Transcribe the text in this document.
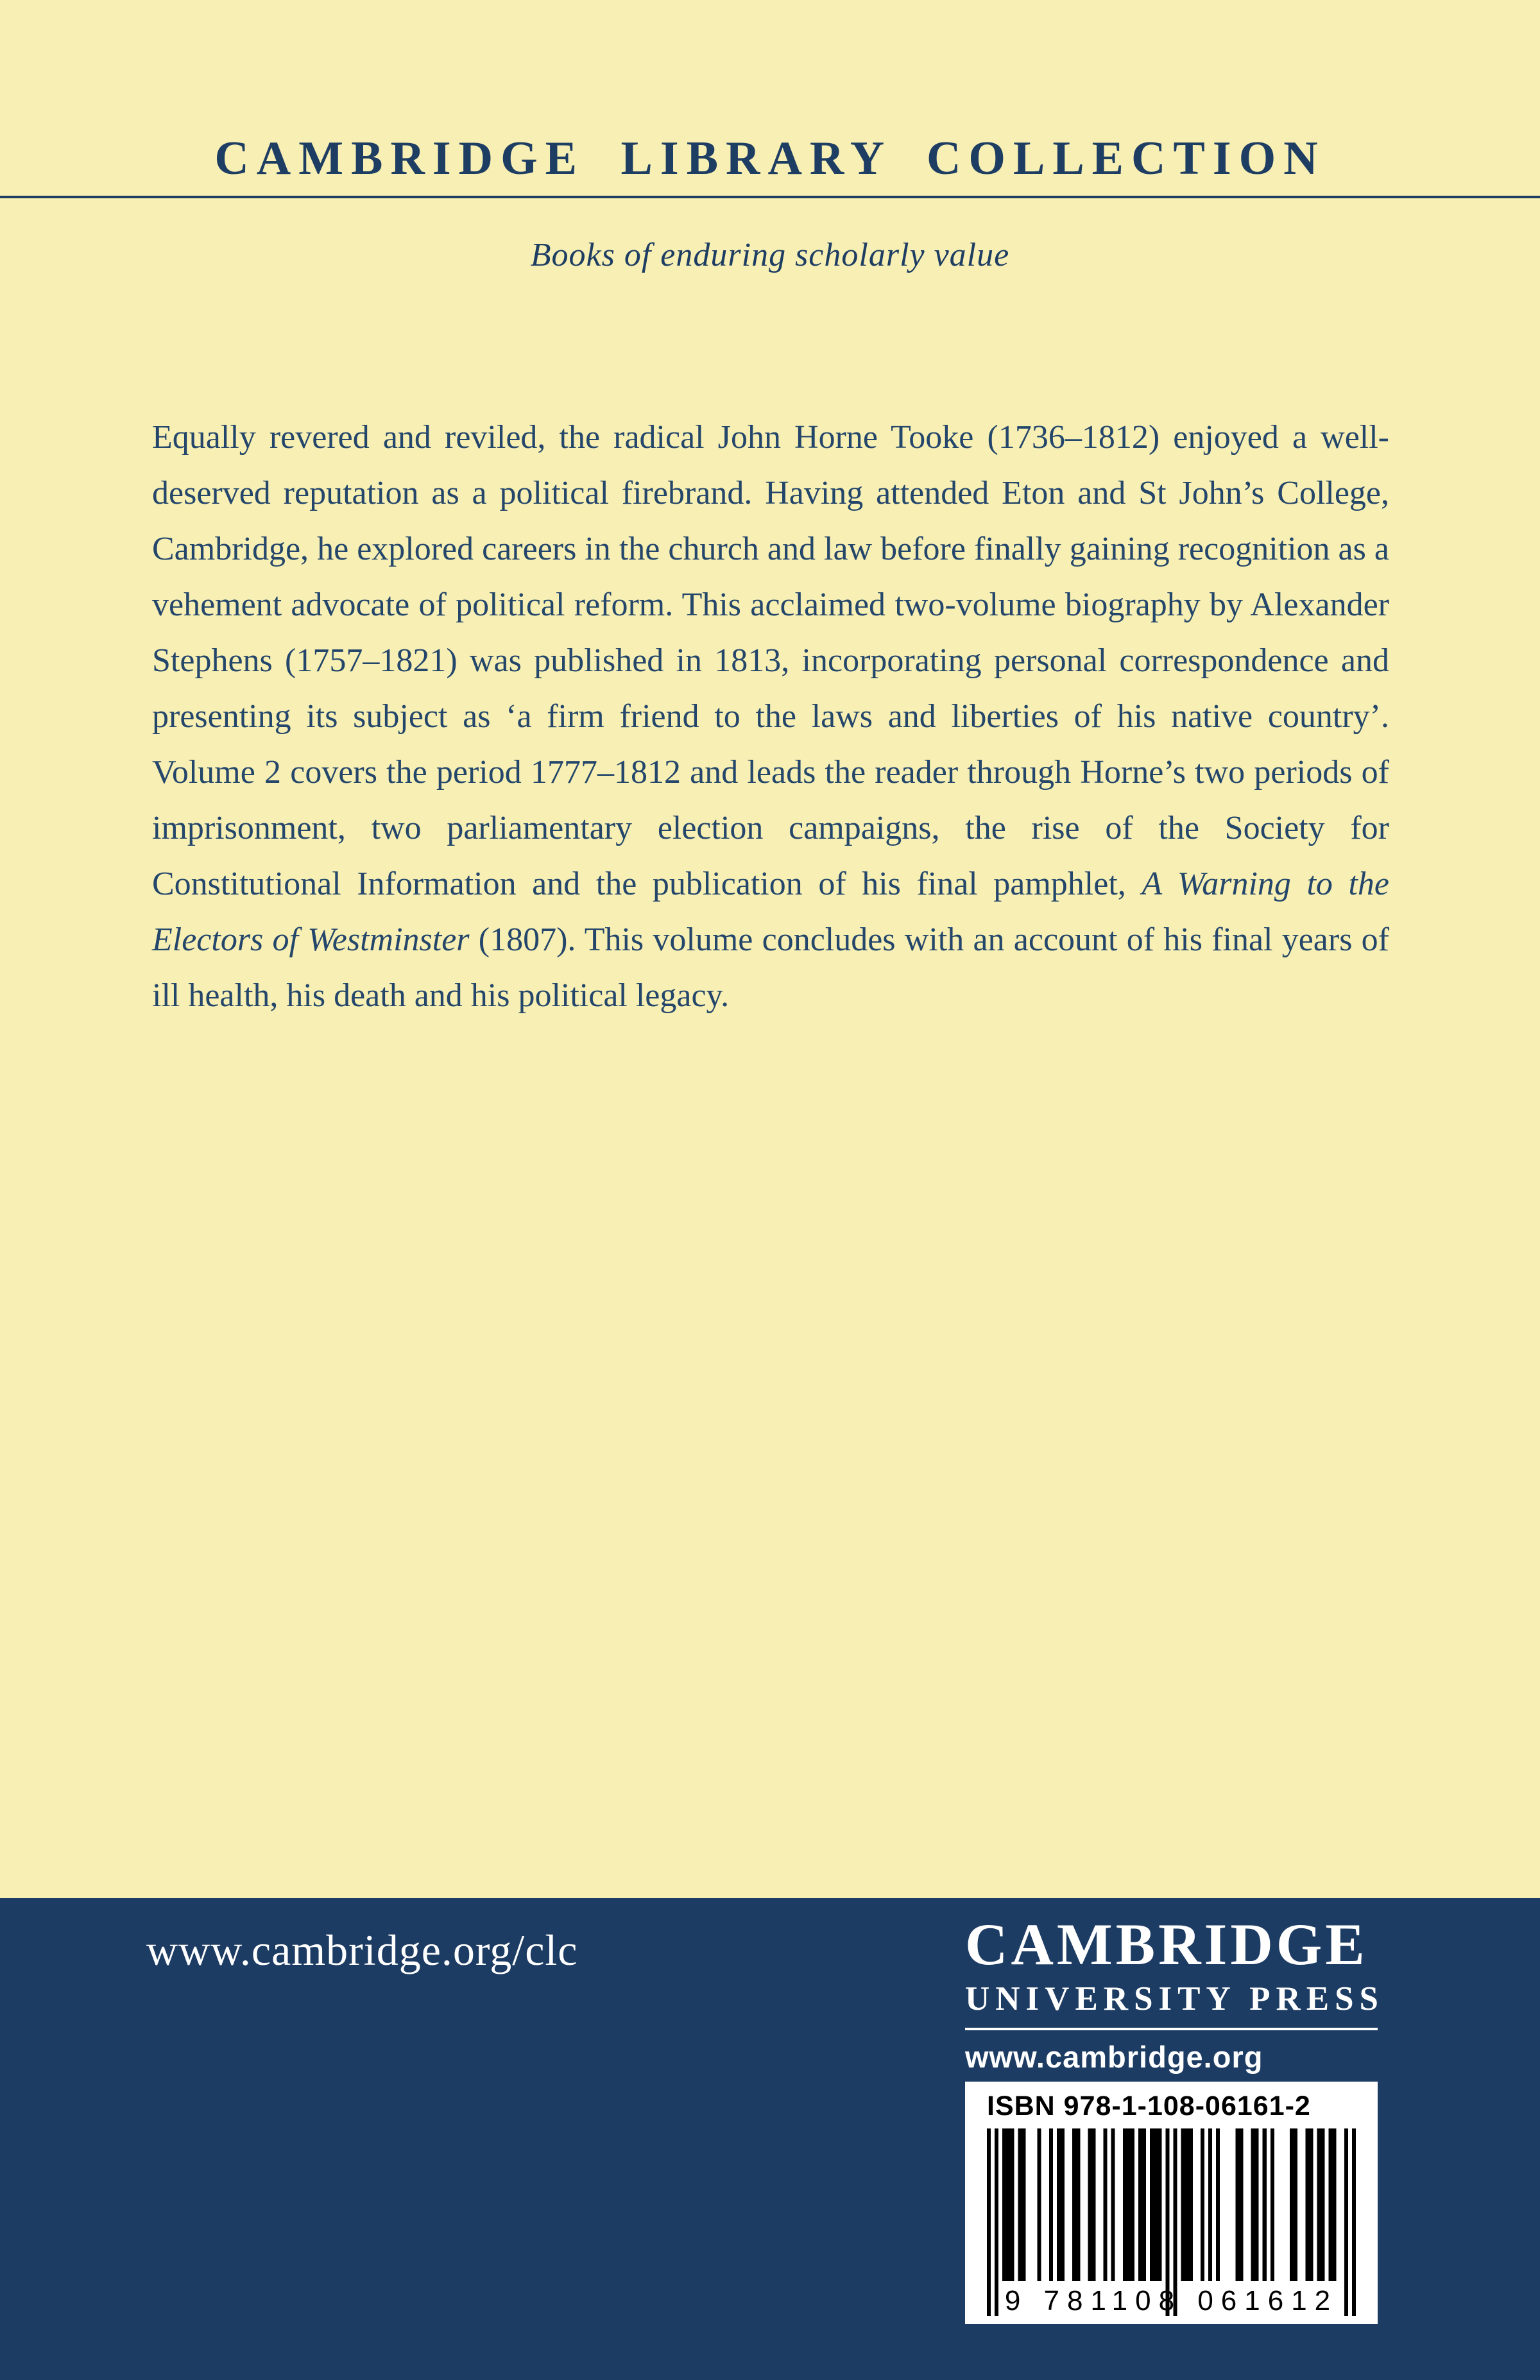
CAMBRIDGE LIBRARY COLLECTION
Books of enduring scholarly value

Equally revered and reviled, the radical John Horne Tooke (1736–1812) enjoyed a well-deserved reputation as a political firebrand. Having attended Eton and St John’s College, Cambridge, he explored careers in the church and law before finally gaining recognition as a vehement advocate of political reform. This acclaimed two-volume biography by Alexander Stephens (1757–1821) was published in 1813, incorporating personal correspondence and presenting its subject as ‘a firm friend to the laws and liberties of his native country’. Volume 2 covers the period 1777–1812 and leads the reader through Horne’s two periods of imprisonment, two parliamentary election campaigns, the rise of the Society for Constitutional Information and the publication of his final pamphlet, A Warning to the Electors of Westminster (1807). This volume concludes with an account of his final years of ill health, his death and his political legacy.

www.cambridge.org/clc	CAMBRIDGE
UNIVERSITY PRESS
www.cambridge.org
ISBN 978-1-108-06161-2
9 781108 061612
